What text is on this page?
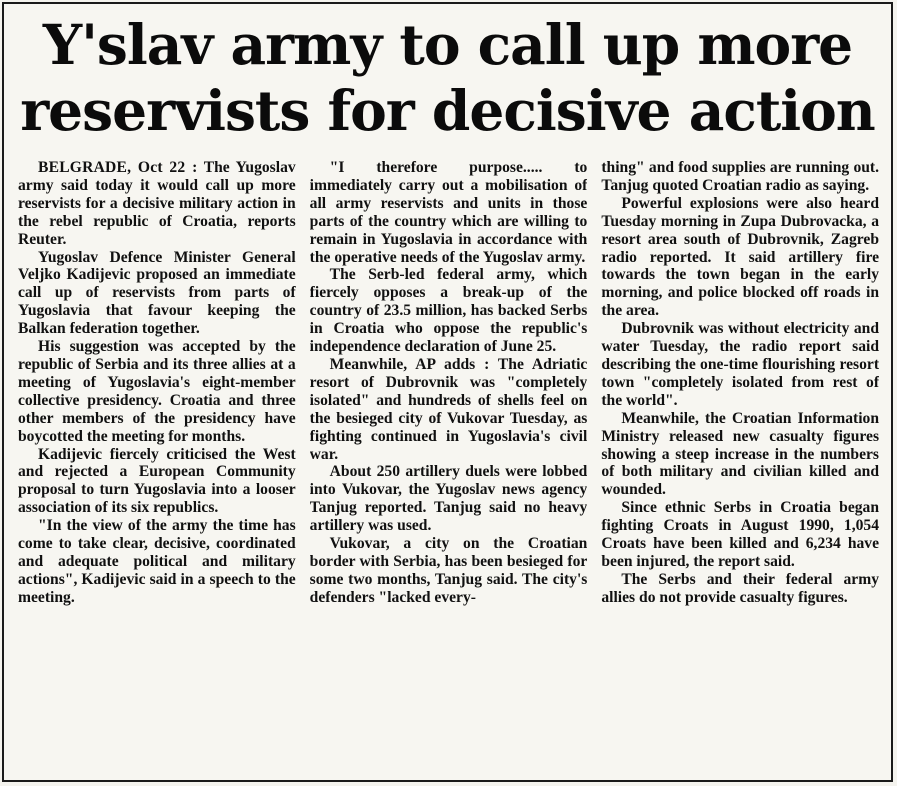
Y'slav army to call up more reservists for decisive action

BELGRADE, Oct 22 : The Yugoslav army said today it would call up more reservists for a decisive military action in the rebel republic of Croatia, reports Reuter.

Yugoslav Defence Minister General Veljko Kadijevic proposed an immediate call up of reservists from parts of Yugoslavia that favour keeping the Balkan federation together.

His suggestion was accepted by the republic of Serbia and its three allies at a meeting of Yugoslavia's eight-member collective presidency. Croatia and three other members of the presidency have boycotted the meeting for months.

Kadijevic fiercely criticised the West and rejected a European Community proposal to turn Yugoslavia into a looser association of its six republics.

"In the view of the army the time has come to take clear, decisive, coordinated and adequate political and military actions", Kadijevic said in a speech to the meeting.

"I therefore purpose..... to immediately carry out a mobilisation of all army reservists and units in those parts of the country which are willing to remain in Yugoslavia in accordance with the operative needs of the Yugoslav army.

The Serb-led federal army, which fiercely opposes a break-up of the country of 23.5 million, has backed Serbs in Croatia who oppose the republic's independence declaration of June 25.

Meanwhile, AP adds : The Adriatic resort of Dubrovnik was "completely isolated" and hundreds of shells feel on the besieged city of Vukovar Tuesday, as fighting continued in Yugoslavia's civil war.

About 250 artillery duels were lobbed into Vukovar, the Yugoslav news agency Tanjug reported. Tanjug said no heavy artillery was used.

Vukovar, a city on the Croatian border with Serbia, has been besieged for some two months, Tanjug said. The city's defenders "lacked every-

thing" and food supplies are running out. Tanjug quoted Croatian radio as saying.

Powerful explosions were also heard Tuesday morning in Zupa Dubrovacka, a resort area south of Dubrovnik, Zagreb radio reported. It said artillery fire towards the town began in the early morning, and police blocked off roads in the area.

Dubrovnik was without electricity and water Tuesday, the radio report said describing the one-time flourishing resort town "completely isolated from rest of the world".

Meanwhile, the Croatian Information Ministry released new casualty figures showing a steep increase in the numbers of both military and civilian killed and wounded.

Since ethnic Serbs in Croatia began fighting Croats in August 1990, 1,054 Croats have been killed and 6,234 have been injured, the report said.

The Serbs and their federal army allies do not provide casualty figures.
